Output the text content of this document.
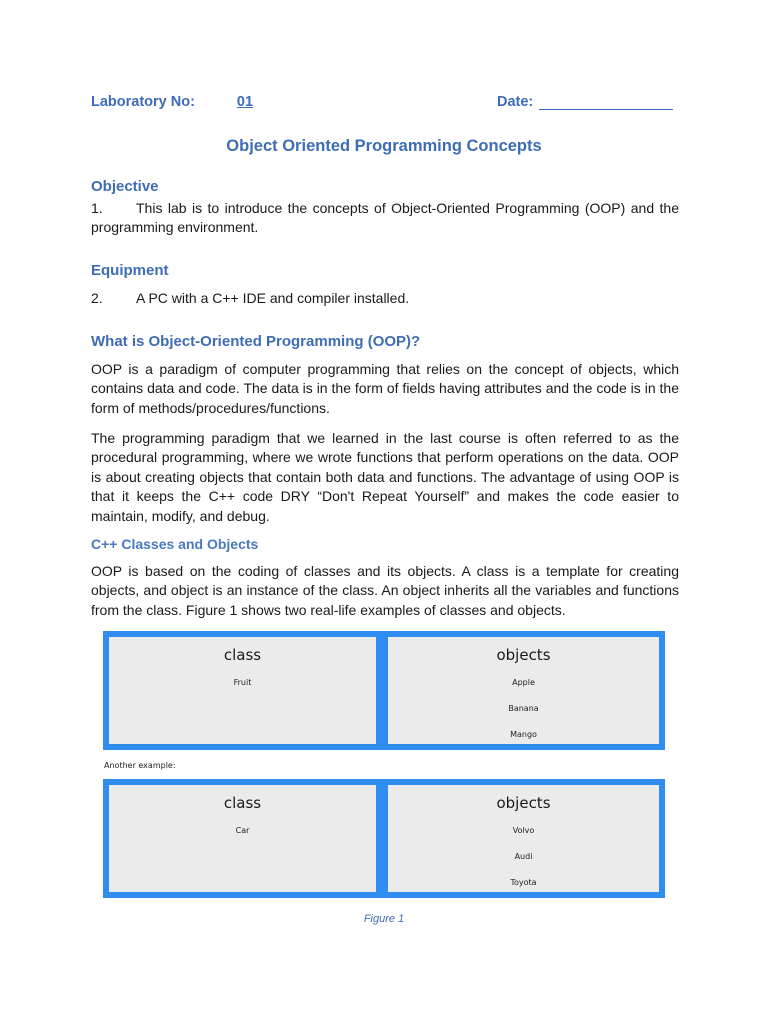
Laboratory No:	01	Date:
Object Oriented Programming Concepts
Objective
1. This lab is to introduce the concepts of Object-Oriented Programming (OOP) and the programming environment.
Equipment
2. A PC with a C++ IDE and compiler installed.
What is Object-Oriented Programming (OOP)?
OOP is a paradigm of computer programming that relies on the concept of objects, which contains data and code. The data is in the form of fields having attributes and the code is in the form of methods/procedures/functions.
The programming paradigm that we learned in the last course is often referred to as the procedural programming, where we wrote functions that perform operations on the data. OOP is about creating objects that contain both data and functions. The advantage of using OOP is that it keeps the C++ code DRY “Don't Repeat Yourself” and makes the code easier to maintain, modify, and debug.
C++ Classes and Objects
OOP is based on the coding of classes and its objects. A class is a template for creating objects, and object is an instance of the class. An object inherits all the variables and functions from the class. Figure 1 shows two real-life examples of classes and objects.
class
Fruit
objects
Apple
Banana
Mango
Another example:
class
Car
objects
Volvo
Audi
Toyota
Figure 1
